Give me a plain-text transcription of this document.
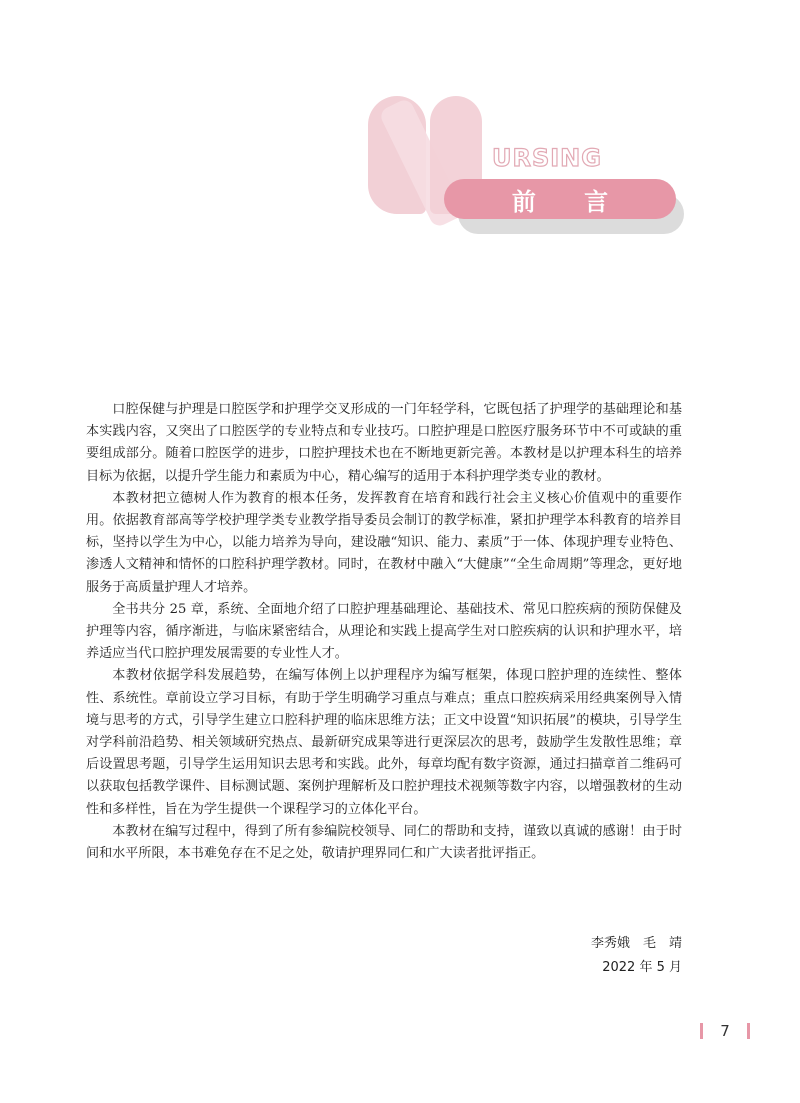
URSING
前 言

口腔保健与护理是口腔医学和护理学交叉形成的一门年轻学科，它既包括了护理学的基础理论和基本实践内容，又突出了口腔医学的专业特点和专业技巧。口腔护理是口腔医疗服务环节中不可或缺的重要组成部分。随着口腔医学的进步，口腔护理技术也在不断地更新完善。本教材是以护理本科生的培养目标为依据，以提升学生能力和素质为中心，精心编写的适用于本科护理学类专业的教材。

本教材把立德树人作为教育的根本任务，发挥教育在培育和践行社会主义核心价值观中的重要作用。依据教育部高等学校护理学类专业教学指导委员会制订的教学标准，紧扣护理学本科教育的培养目标，坚持以学生为中心，以能力培养为导向，建设融“知识、能力、素质”于一体、体现护理专业特色、渗透人文精神和情怀的口腔科护理学教材。同时，在教材中融入“大健康”“全生命周期”等理念，更好地服务于高质量护理人才培养。

全书共分 25 章，系统、全面地介绍了口腔护理基础理论、基础技术、常见口腔疾病的预防保健及护理等内容，循序渐进，与临床紧密结合，从理论和实践上提高学生对口腔疾病的认识和护理水平，培养适应当代口腔护理发展需要的专业性人才。

本教材依据学科发展趋势，在编写体例上以护理程序为编写框架，体现口腔护理的连续性、整体性、系统性。章前设立学习目标，有助于学生明确学习重点与难点；重点口腔疾病采用经典案例导入情境与思考的方式，引导学生建立口腔科护理的临床思维方法；正文中设置“知识拓展”的模块，引导学生对学科前沿趋势、相关领域研究热点、最新研究成果等进行更深层次的思考，鼓励学生发散性思维；章后设置思考题，引导学生运用知识去思考和实践。此外，每章均配有数字资源，通过扫描章首二维码可以获取包括教学课件、目标测试题、案例护理解析及口腔护理技术视频等数字内容，以增强教材的生动性和多样性，旨在为学生提供一个课程学习的立体化平台。

本教材在编写过程中，得到了所有参编院校领导、同仁的帮助和支持，谨致以真诚的感谢！由于时间和水平所限，本书难免存在不足之处，敬请护理界同仁和广大读者批评指正。

李秀娥　毛　靖
2022 年 5 月
7
